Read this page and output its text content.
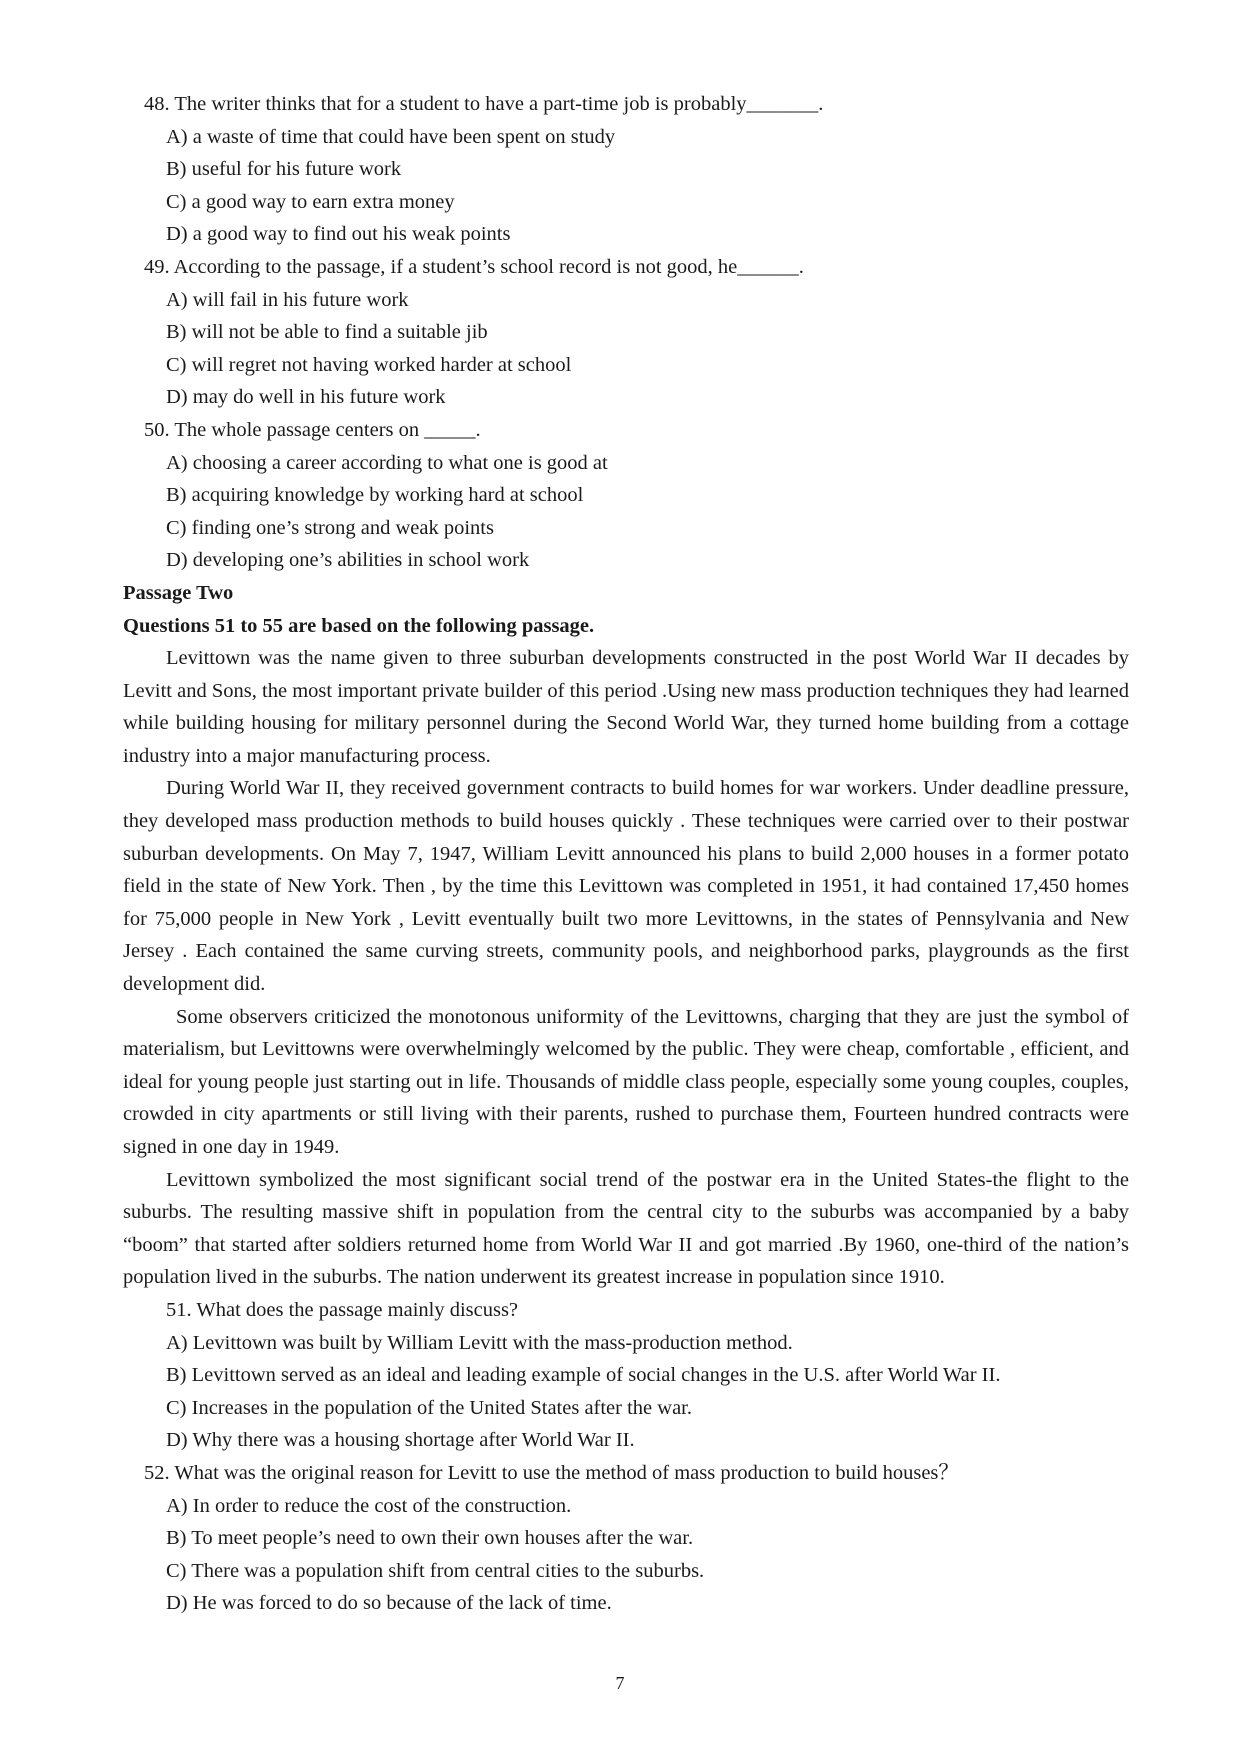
48. The writer thinks that for a student to have a part-time job is probably_______.

A) a waste of time that could have been spent on study

B) useful for his future work

C) a good way to earn extra money

D) a good way to find out his weak points

49. According to the passage, if a student’s school record is not good, he______.

A) will fail in his future work

B) will not be able to find a suitable jib

C) will regret not having worked harder at school

D) may do well in his future work

50. The whole passage centers on _____.

A) choosing a career according to what one is good at

B) acquiring knowledge by working hard at school

C) finding one’s strong and weak points

D) developing one’s abilities in school work

Passage Two

Questions 51 to 55 are based on the following passage.

Levittown was the name given to three suburban developments constructed in the post World War II decades by Levitt and Sons, the most important private builder of this period .Using new mass production techniques they had learned while building housing for military personnel during the Second World War, they turned home building from a cottage industry into a major manufacturing process.

During World War II, they received government contracts to build homes for war workers. Under deadline pressure, they developed mass production methods to build houses quickly . These techniques were carried over to their postwar suburban developments. On May 7, 1947, William Levitt announced his plans to build 2,000 houses in a former potato field in the state of New York. Then , by the time this Levittown was completed in 1951, it had contained 17,450 homes for 75,000 people in New York , Levitt eventually built two more Levittowns, in the states of Pennsylvania and New Jersey . Each contained the same curving streets, community pools, and neighborhood parks, playgrounds as the first development did.

Some observers criticized the monotonous uniformity of the Levittowns, charging that they are just the symbol of materialism, but Levittowns were overwhelmingly welcomed by the public. They were cheap, comfortable , efficient, and ideal for young people just starting out in life. Thousands of middle class people, especially some young couples, couples, crowded in city apartments or still living with their parents, rushed to purchase them, Fourteen hundred contracts were signed in one day in 1949.

Levittown symbolized the most significant social trend of the postwar era in the United States-the flight to the suburbs. The resulting massive shift in population from the central city to the suburbs was accompanied by a baby “boom” that started after soldiers returned home from World War II and got married .By 1960, one-third of the nation’s population lived in the suburbs. The nation underwent its greatest increase in population since 1910.

51. What does the passage mainly discuss?

A) Levittown was built by William Levitt with the mass-production method.

B) Levittown served as an ideal and leading example of social changes in the U.S. after World War II.

C) Increases in the population of the United States after the war.

D) Why there was a housing shortage after World War II.

52. What was the original reason for Levitt to use the method of mass production to build houses？

A) In order to reduce the cost of the construction.

B) To meet people’s need to own their own houses after the war.

C) There was a population shift from central cities to the suburbs.

D) He was forced to do so because of the lack of time.

7
